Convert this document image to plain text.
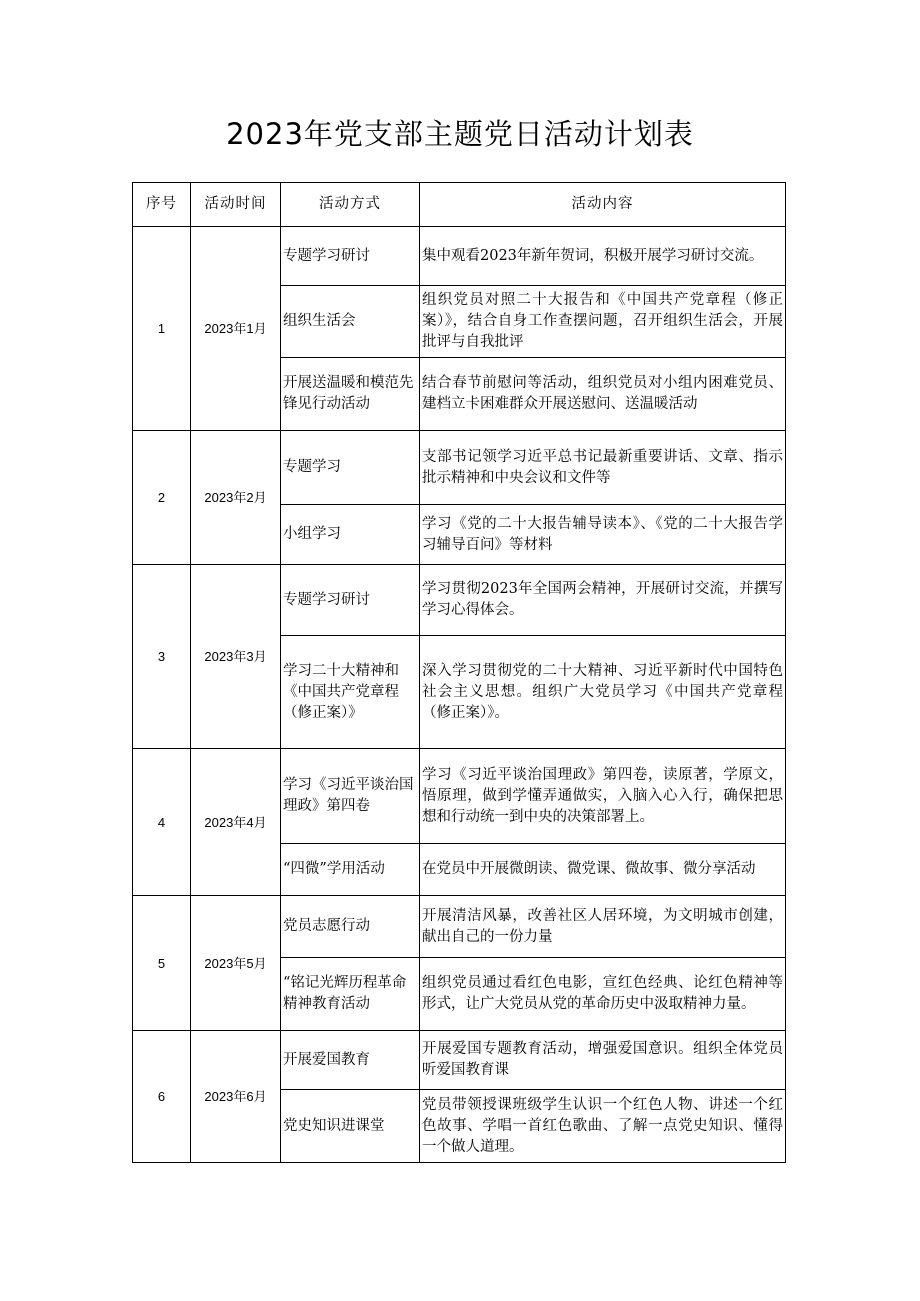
2023年党支部主题党日活动计划表
序号	活动时间	活动方式	活动内容
1	2023年1月	专题学习研讨	集中观看2023年新年贺词，积极开展学习研讨交流。
		组织生活会	组织党员对照二十大报告和《中国共产党章程（修正案）》，结合自身工作查摆问题，召开组织生活会，开展批评与自我批评
		开展送温暖和模范先锋见行动活动	结合春节前慰问等活动，组织党员对小组内困难党员、建档立卡困难群众开展送慰问、送温暖活动
2	2023年2月	专题学习	支部书记领学习近平总书记最新重要讲话、文章、指示批示精神和中央会议和文件等
		小组学习	学习《党的二十大报告辅导读本》、《党的二十大报告学习辅导百问》等材料
3	2023年3月	专题学习研讨	学习贯彻2023年全国两会精神，开展研讨交流，并撰写学习心得体会。
		学习二十大精神和《中国共产党章程（修正案）》	深入学习贯彻党的二十大精神、习近平新时代中国特色社会主义思想。组织广大党员学习《中国共产党章程（修正案）》。
4	2023年4月	学习《习近平谈治国理政》第四卷	学习《习近平谈治国理政》第四卷，读原著，学原文，悟原理，做到学懂弄通做实，入脑入心入行，确保把思想和行动统一到中央的决策部署上。
		“四微”学用活动	在党员中开展微朗读、微党课、微故事、微分享活动
5	2023年5月	党员志愿行动	开展清洁风暴，改善社区人居环境，为文明城市创建，献出自己的一份力量
		“铭记光辉历程革命精神教育活动	组织党员通过看红色电影，宣红色经典、论红色精神等形式，让广大党员从党的革命历史中汲取精神力量。
6	2023年6月	开展爱国教育	开展爱国专题教育活动，增强爱国意识。组织全体党员听爱国教育课
		党史知识进课堂	党员带领授课班级学生认识一个红色人物、讲述一个红色故事、学唱一首红色歌曲、了解一点党史知识、懂得一个做人道理。
